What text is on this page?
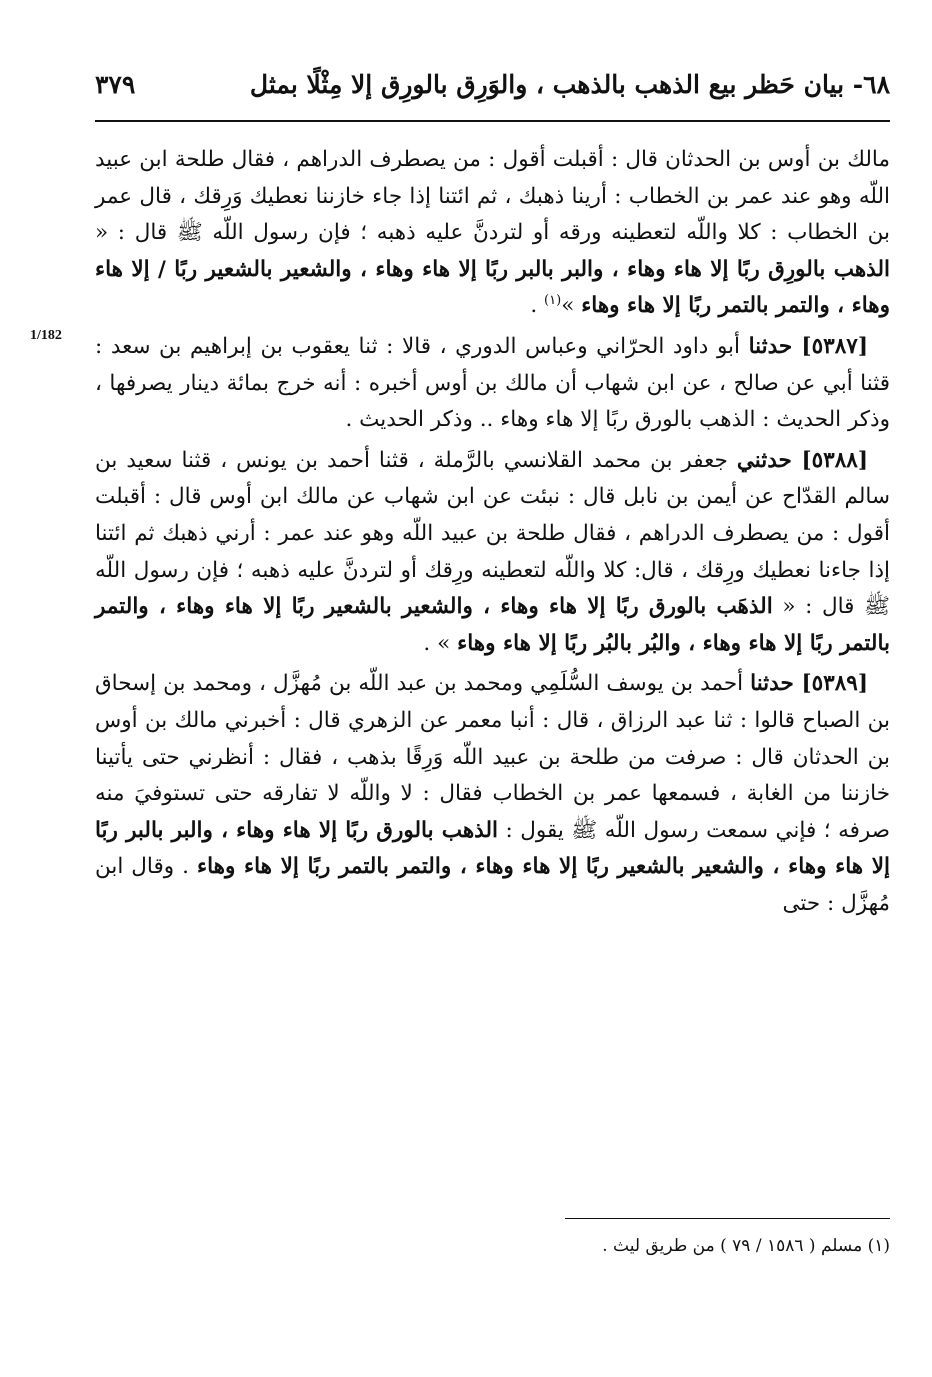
٦٨- بيان حَظر بيع الذهب بالذهب ، والوَرِق بالورِق إلا مِثْلًا بمثل
٣٧٩
1/182

مالك بن أوس بن الحدثان قال : أقبلت أقول : من يصطرف الدراهم ، فقال طلحة ابن عبيد اللّه وهو عند عمر بن الخطاب : أرينا ذهبك ، ثم ائتنا إذا جاء خازننا نعطيك وَرِقك ، قال عمر بن الخطاب : كلا واللّه لتعطينه ورقه أو لتردنَّ عليه ذهبه ؛ فإن رسول اللّه ﷺ قال : « الذهب بالورِق ربًا إلا هاء وهاء ، والبر بالبر ربًا إلا هاء وهاء ، والشعير بالشعير ربًا / إلا هاء وهاء ، والتمر بالتمر ربًا إلا هاء وهاء »$^{(١)}$ .

[٥٣٨٧] حدثنا أبو داود الحرّاني وعباس الدوري ، قالا : ثنا يعقوب بن إبراهيم بن سعد : قثنا أبي عن صالح ، عن ابن شهاب أن مالك بن أوس أخبره : أنه خرج بمائة دينار يصرفها ، وذكر الحديث : الذهب بالورق ربًا إلا هاء وهاء .. وذكر الحديث .

[٥٣٨٨] حدثني جعفر بن محمد القلانسي بالرَّملة ، قثنا أحمد بن يونس ، قثنا سعيد بن سالم القدّاح عن أيمن بن نابل قال : نبئت عن ابن شهاب عن مالك ابن أوس قال : أقبلت أقول : من يصطرف الدراهم ، فقال طلحة بن عبيد اللّه وهو عند عمر : أرني ذهبك ثم ائتنا إذا جاءنا نعطيك ورِقك ، قال: كلا واللّه لتعطينه ورِقك أو لتردنَّ عليه ذهبه ؛ فإن رسول اللّه ﷺ قال : « الذهَب بالورق ربًا إلا هاء وهاء ، والشعير بالشعير ربًا إلا هاء وهاء ، والتمر بالتمر ربًا إلا هاء وهاء ، والبُر بالبُر ربًا إلا هاء وهاء » .

[٥٣٨٩] حدثنا أحمد بن يوسف السُّلَمِي ومحمد بن عبد اللّه بن مُهزَّل ، ومحمد بن إسحاق بن الصباح قالوا : ثنا عبد الرزاق ، قال : أنبا معمر عن الزهري قال : أخبرني مالك بن أوس بن الحدثان قال : صرفت من طلحة بن عبيد اللّه وَرِقًا بذهب ، فقال : أنظرني حتى يأتينا خازننا من الغابة ، فسمعها عمر بن الخطاب فقال : لا واللّه لا تفارقه حتى تستوفيَ منه صرفه ؛ فإني سمعت رسول اللّه ﷺ يقول : الذهب بالورق ربًا إلا هاء وهاء ، والبر بالبر ربًا إلا هاء وهاء ، والشعير بالشعير ربًا إلا هاء وهاء ، والتمر بالتمر ربًا إلا هاء وهاء . وقال ابن مُهزَّل : حتى

(١) مسلم ( ١٥٨٦ / ٧٩ ) من طريق ليث .
